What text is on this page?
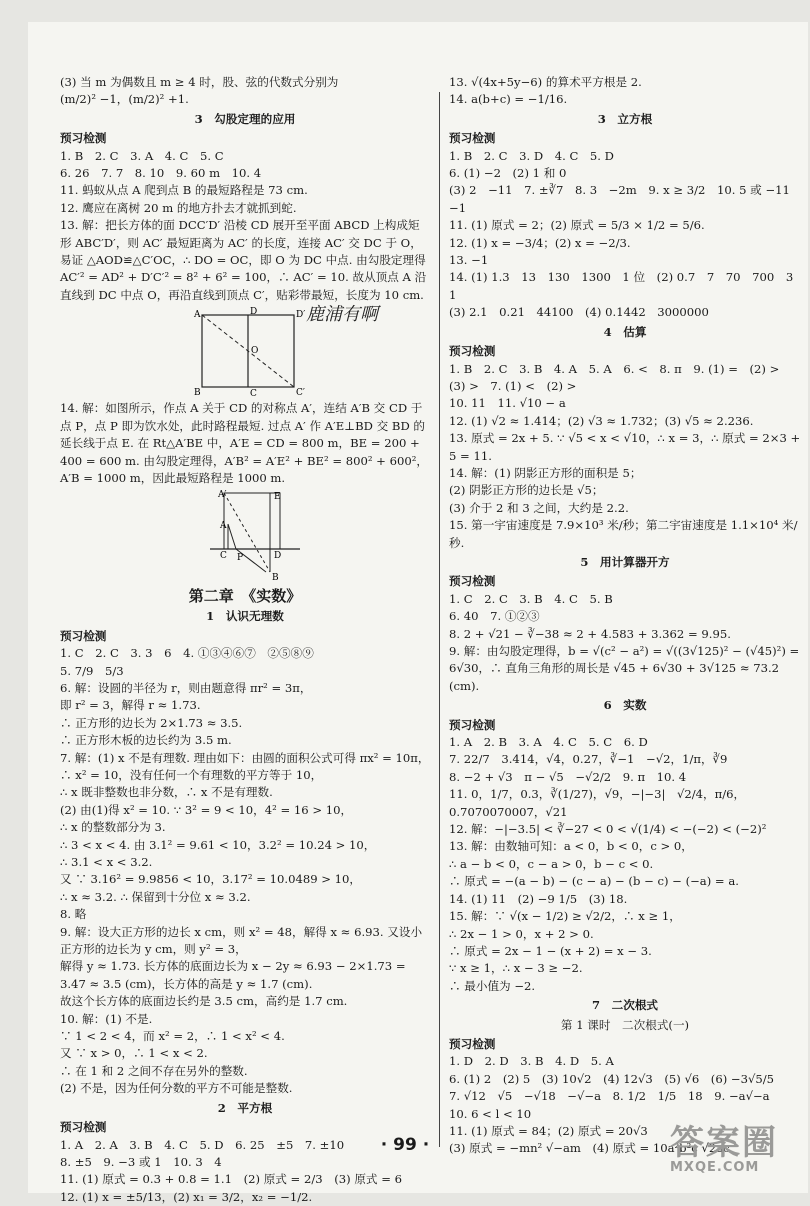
(3) 当 m 为偶数且 m ≥ 4 时，股、弦的代数式分别为
(m/2)² −1，(m/2)² +1.
3　勾股定理的应用
预习检测
1. B　2. C　3. A　4. C　5. C
6. 26　7. 7　8. 10　9. 60 m　10. 4
11. 蚂蚁从点 A 爬到点 B 的最短路程是 73 cm.
12. 鹰应在离树 20 m 的地方扑去才就抓到蛇.
13. 解：把长方体的面 DCC′D′ 沿棱 CD 展开至平面 ABCD 上构成矩形 ABC′D′，则 AC′ 最短距离为 AC′ 的长度，连接 AC′ 交 DC 于 O，易证 △AOD≌△C′OC，∴ DO = OC，即 O 为 DC 中点. 由勾股定理得 AC′² = AD² + D′C′² = 8² + 6² = 100，∴ AC′ = 10. 故从顶点 A 沿直线到 DC 中点 O，再沿直线到顶点 C′，贴彩带最短，长度为 10 cm.
A	D	D′
O
B	C	C′
14. 解：如图所示，作点 A 关于 CD 的对称点 A′，连结 A′B 交 CD 于点 P，点 P 即为饮水处，此时路程最短. 过点 A′ 作 A′E⊥BD 交 BD 的延长线于点 E. 在 Rt△A′BE 中，A′E = CD = 800 m，BE = 200 + 400 = 600 m. 由勾股定理得，A′B² = A′E² + BE² = 800² + 600²，A′B = 1000 m，因此最短路程是 1000 m.
A′	E
A
C P	D
B
第二章　《实数》
1　认识无理数
预习检测
1. C　2. C　3. 3　6　4. ①③④⑥⑦　②⑤⑧⑨
5. 7/9　5/3
6. 解：设圆的半径为 r，则由题意得 πr² = 3π，
即 r² = 3，解得 r ≈ 1.73.
∴ 正方形的边长为 2×1.73 ≈ 3.5.
∴ 正方形木板的边长约为 3.5 m.
7. 解：(1) x 不是有理数. 理由如下：由圆的面积公式可得 πx² = 10π，∴ x² = 10，没有任何一个有理数的平方等于 10，
∴ x 既非整数也非分数，∴ x 不是有理数.
(2) 由(1)得 x² = 10. ∵ 3² = 9 < 10，4² = 16 > 10，
∴ x 的整数部分为 3.
∴ 3 < x < 4. 由 3.1² = 9.61 < 10，3.2² = 10.24 > 10，
∴ 3.1 < x < 3.2.
又 ∵ 3.16² = 9.9856 < 10，3.17² = 10.0489 > 10，
∴ x ≈ 3.2. ∴ 保留到十分位 x ≈ 3.2.
8. 略
9. 解：设大正方形的边长 x cm，则 x² = 48，解得 x ≈ 6.93. 又设小正方形的边长为 y cm，则 y² = 3，
解得 y ≈ 1.73. 长方体的底面边长为 x − 2y ≈ 6.93 − 2×1.73 = 3.47 ≈ 3.5 (cm)，长方体的高是 y ≈ 1.7 (cm).
故这个长方体的底面边长约是 3.5 cm，高约是 1.7 cm.
10. 解：(1) 不是.
∵ 1 < 2 < 4，而 x² = 2，∴ 1 < x² < 4.
又 ∵ x > 0，∴ 1 < x < 2.
∴ 在 1 和 2 之间不存在另外的整数.
(2) 不是，因为任何分数的平方不可能是整数.
2　平方根
预习检测
1. A　2. A　3. B　4. C　5. D　6. 25　±5　7. ±10
8. ±5　9. −3 或 1　10. 3　4
11. (1) 原式 = 0.3 + 0.8 = 1.1　(2) 原式 = 2/3　(3) 原式 = 6
12. (1) x = ±5/13，(2) x₁ = 3/2，x₂ = −1/2.
13. √(4x+5y−6) 的算术平方根是 2.
14. a(b+c) = −1/16.
3　立方根
预习检测
1. B　2. C　3. D　4. C　5. D
6. (1) −2　(2) 1 和 0
(3) 2　−11　7. ±∛7　8. 3　−2m　9. x ≥ 3/2　10. 5 或 −11　−1
11. (1) 原式 = 2；(2) 原式 = 5/3 × 1/2 = 5/6.
12. (1) x = −3/4；(2) x = −2/3.
13. −1
14. (1) 1.3　13　130　1300　1 位　(2) 0.7　7　70　700　3　1
(3) 2.1　0.21　44100　(4) 0.1442　3000000
4　估算
预习检测
1. B　2. C　3. B　4. A　5. A　6. <　8. π　9. (1) =　(2) >
(3) >　7. (1) <　(2) >
10. 11　11. √10 − a
12. (1) √2 ≈ 1.414；(2) √3 ≈ 1.732；(3) √5 ≈ 2.236.
13. 原式 = 2x + 5. ∵ √5 < x < √10，∴ x = 3，∴ 原式 = 2×3 + 5 = 11.
14. 解：(1) 阴影正方形的面积是 5；
(2) 阴影正方形的边长是 √5；
(3) 介于 2 和 3 之间，大约是 2.2.
15. 第一宇宙速度是 7.9×10³ 米/秒；第二宇宙速度是 1.1×10⁴ 米/秒.
5　用计算器开方
预习检测
1. C　2. C　3. B　4. C　5. B
6. 40　7. ①②③
8. 2 + √21 − ∛−38 ≈ 2 + 4.583 + 3.362 = 9.95.
9. 解：由勾股定理得，b = √(c² − a²) = √((3√125)² − (√45)²) = 6√30，∴ 直角三角形的周长是 √45 + 6√30 + 3√125 ≈ 73.2 (cm).
6　实数
预习检测
1. A　2. B　3. A　4. C　5. C　6. D
7. 22/7　3.414，√4，0.27，∛−1　−√2，1/π，∛9
8. −2 + √3　π − √5　−√2/2　9. π　10. 4
11. 0，1/7，0.3，∛(1/27)，√9，−|−3|　√2/4，π/6，0.7070070007，√21
12. 解：−|−3.5| < ∛−27 < 0 < √(1/4) < −(−2) < (−2)²
13. 解：由数轴可知：a < 0，b < 0，c > 0，
∴ a − b < 0，c − a > 0，b − c < 0.
∴ 原式 = −(a − b) − (c − a) − (b − c) − (−a) = a.
14. (1) 11　(2) −9 1/5　(3) 18.
15. 解：∵ √(x − 1/2) ≥ √2/2，∴ x ≥ 1，
∴ 2x − 1 > 0，x + 2 > 0.
∴ 原式 = 2x − 1 − (x + 2) = x − 3.
∵ x ≥ 1，∴ x − 3 ≥ −2.
∴ 最小值为 −2.
7　二次根式
第 1 课时　二次根式(一)
预习检测
1. D　2. D　3. B　4. D　5. A
6. (1) 2　(2) 5　(3) 10√2　(4) 12√3　(5) √6　(6) −3√5/5
7. √12　√5　−√18　−√−a　8. 1/2　1/5　18　9. −a√−a
10. 6 < l < 10
11. (1) 原式 = 84；(2) 原式 = 20√3
(3) 原式 = −mn² √−am　(4) 原式 = 10a²b²c √2ac.
鹿浦有啊
· 99 ·	答案圈
MXQE.COM
